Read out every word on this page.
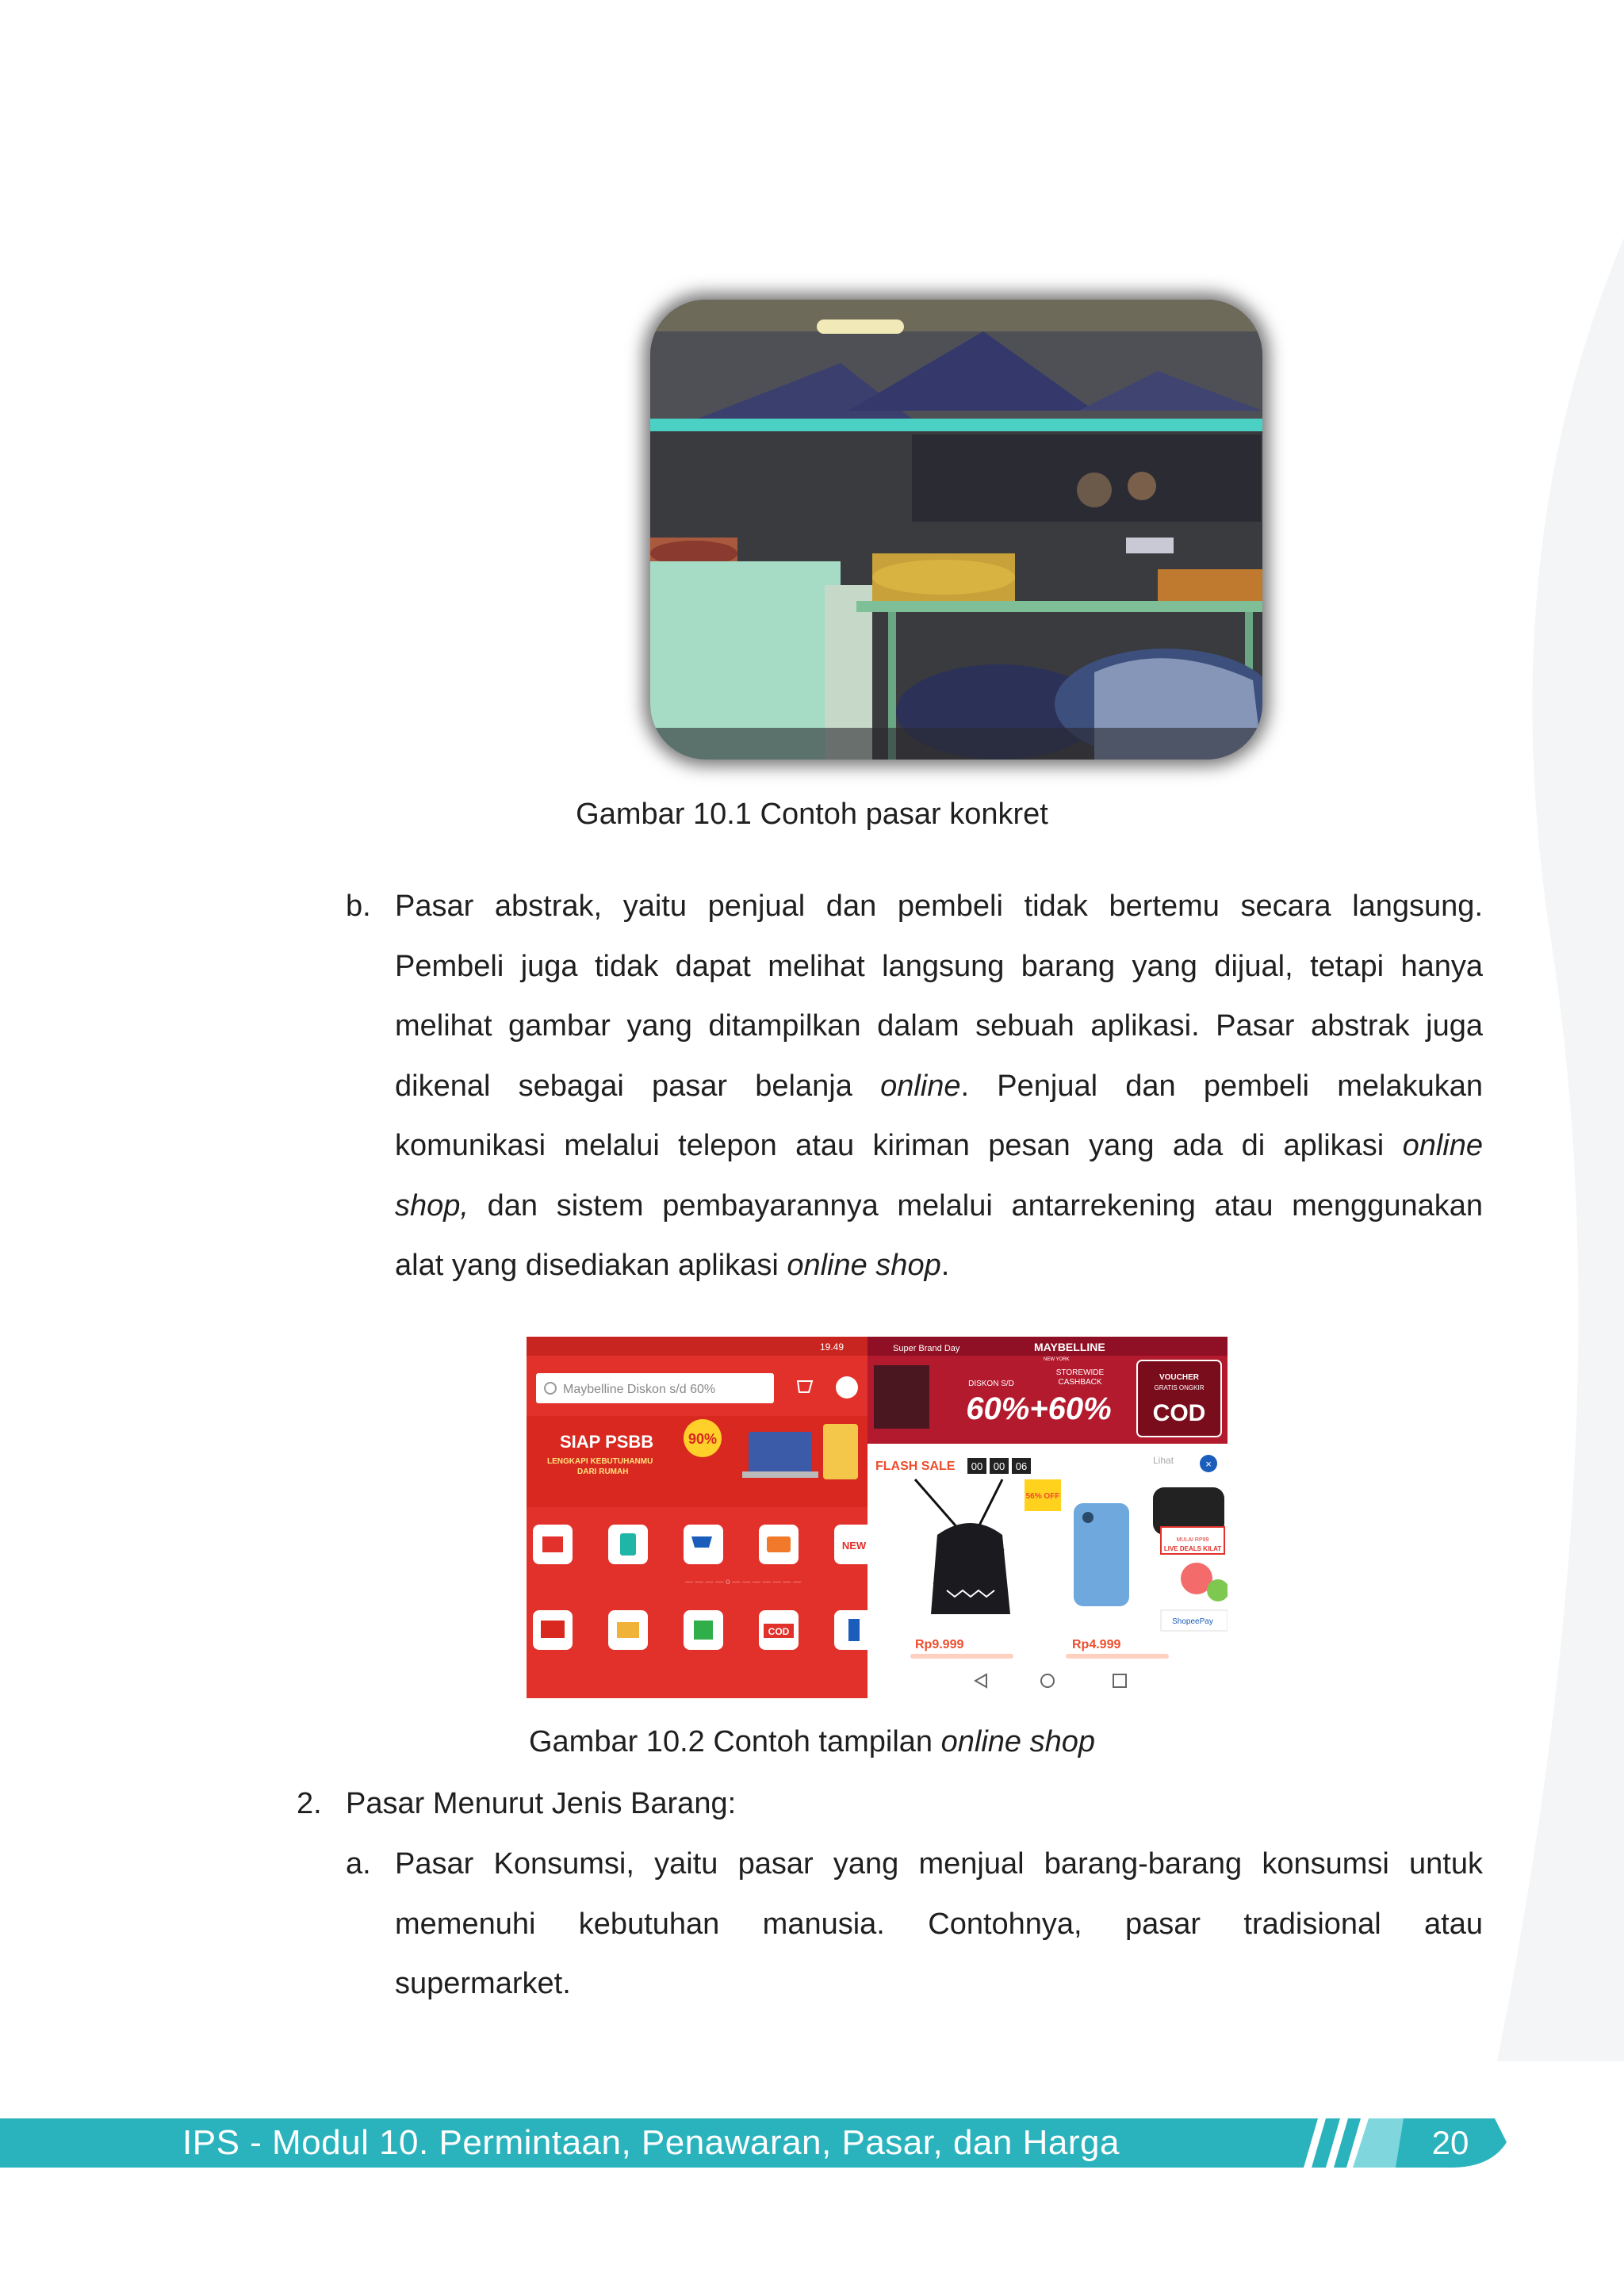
Gambar 10.1 Contoh pasar konkret
b. Pasar abstrak, yaitu penjual dan pembeli tidak bertemu secara langsung.
Pembeli juga tidak dapat melihat langsung barang yang dijual, tetapi hanya
melihat gambar yang ditampilkan dalam sebuah aplikasi. Pasar abstrak juga
dikenal sebagai pasar belanja online. Penjual dan pembeli melakukan
komunikasi melalui telepon atau kiriman pesan yang ada di aplikasi online
shop, dan sistem pembayarannya melalui antarrekening atau menggunakan
alat yang disediakan aplikasi online shop.
19.49
Maybelline Diskon s/d 60%
SIAP PSBB
LENGKAPI KEBUTUHANMU
DARI RUMAH
90%
NEW
— — — — o — — — — — — —
COD
Super Brand Day	MAYBELLINE
NEW YORK
DISKON S/D
STOREWIDE
CASHBACK
60%+60%
VOUCHER
GRATIS ONGKIR
COD
FLASH SALE 00 00 06	Lihat	×
56% OFF
MULAI RP99
LIVE DEALS KILAT
ShopeePay
Rp9.999	Rp4.999
Gambar 10.2 Contoh tampilan online shop
2. Pasar Menurut Jenis Barang:
a. Pasar Konsumsi, yaitu pasar yang menjual barang-barang konsumsi untuk
memenuhi kebutuhan manusia. Contohnya, pasar tradisional atau
supermarket.
IPS - Modul 10. Permintaan, Penawaran, Pasar, dan Harga	20
